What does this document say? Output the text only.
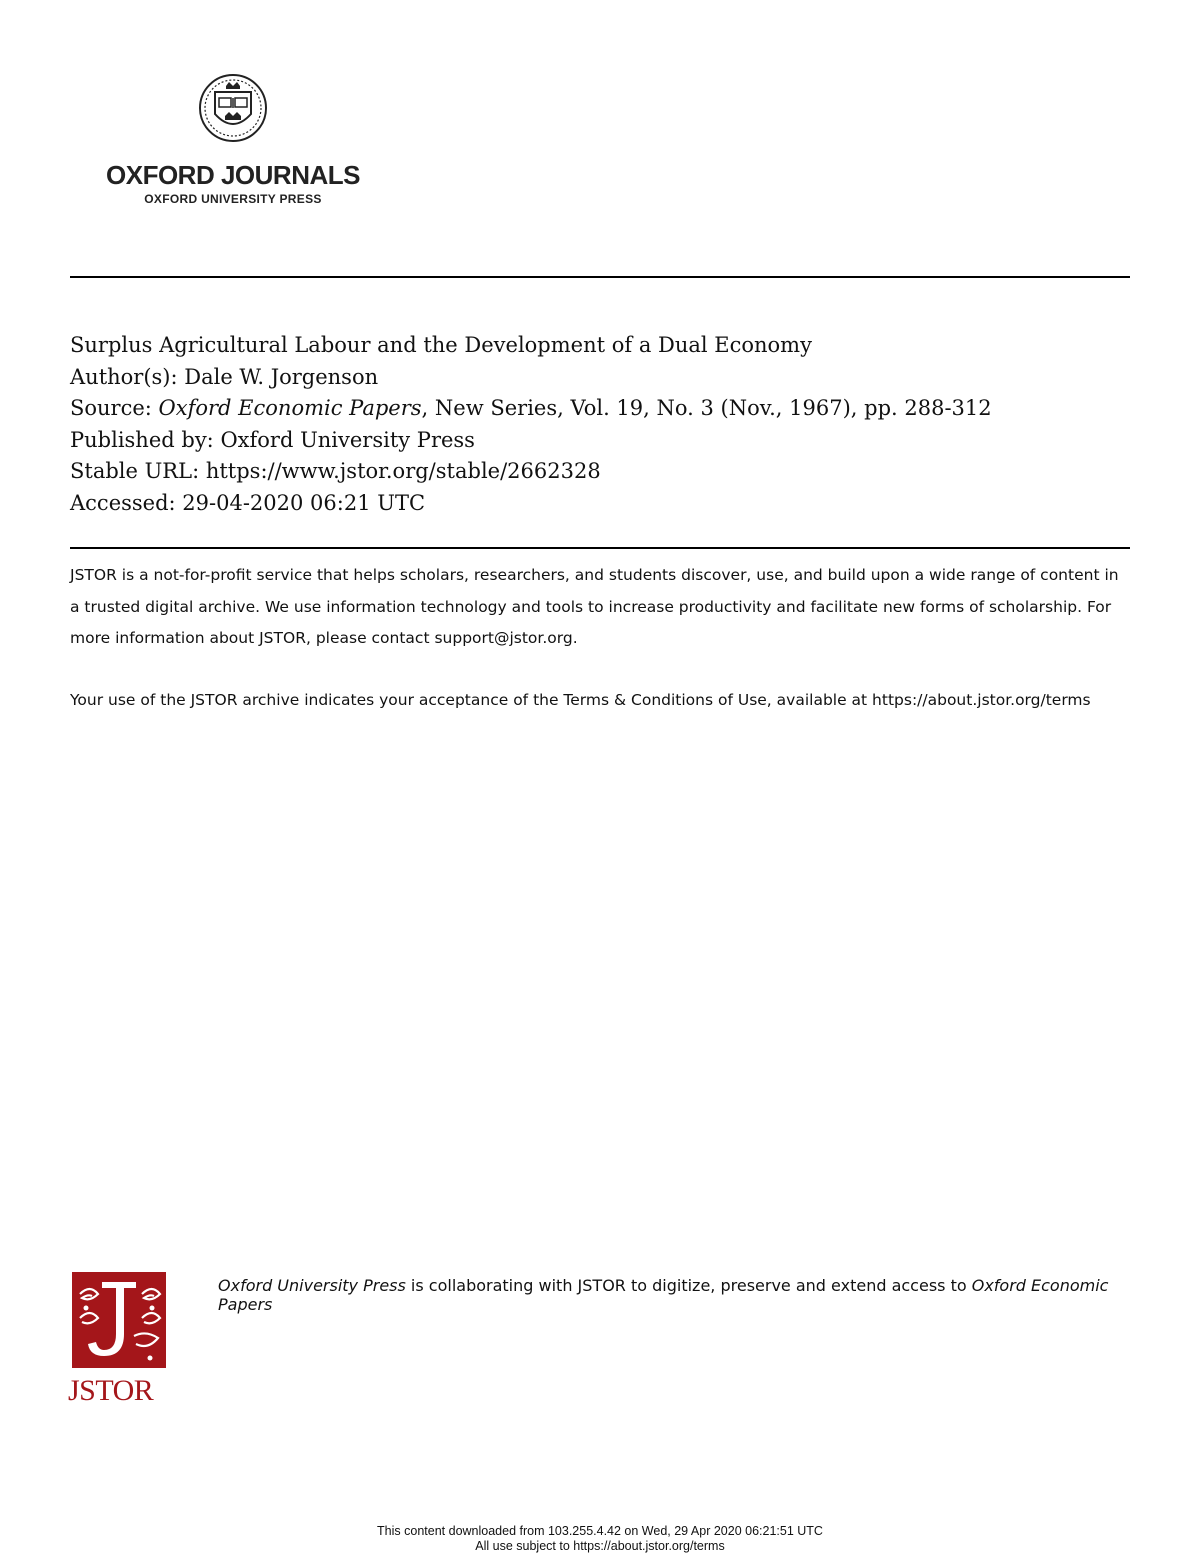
OXFORD JOURNALS
OXFORD UNIVERSITY PRESS
Surplus Agricultural Labour and the Development of a Dual Economy
Author(s): Dale W. Jorgenson
Source: Oxford Economic Papers, New Series, Vol. 19, No. 3 (Nov., 1967), pp. 288-312
Published by: Oxford University Press
Stable URL: https://www.jstor.org/stable/2662328
Accessed: 29-04-2020 06:21 UTC

JSTOR is a not-for-profit service that helps scholars, researchers, and students discover, use, and build upon a wide range of content in a trusted digital archive. We use information technology and tools to increase productivity and facilitate new forms of scholarship. For more information about JSTOR, please contact support@jstor.org.

Your use of the JSTOR archive indicates your acceptance of the Terms & Conditions of Use, available at https://about.jstor.org/terms

JSTOR

Oxford University Press is collaborating with JSTOR to digitize, preserve and extend access to Oxford Economic Papers

This content downloaded from 103.255.4.42 on Wed, 29 Apr 2020 06:21:51 UTC
All use subject to https://about.jstor.org/terms
